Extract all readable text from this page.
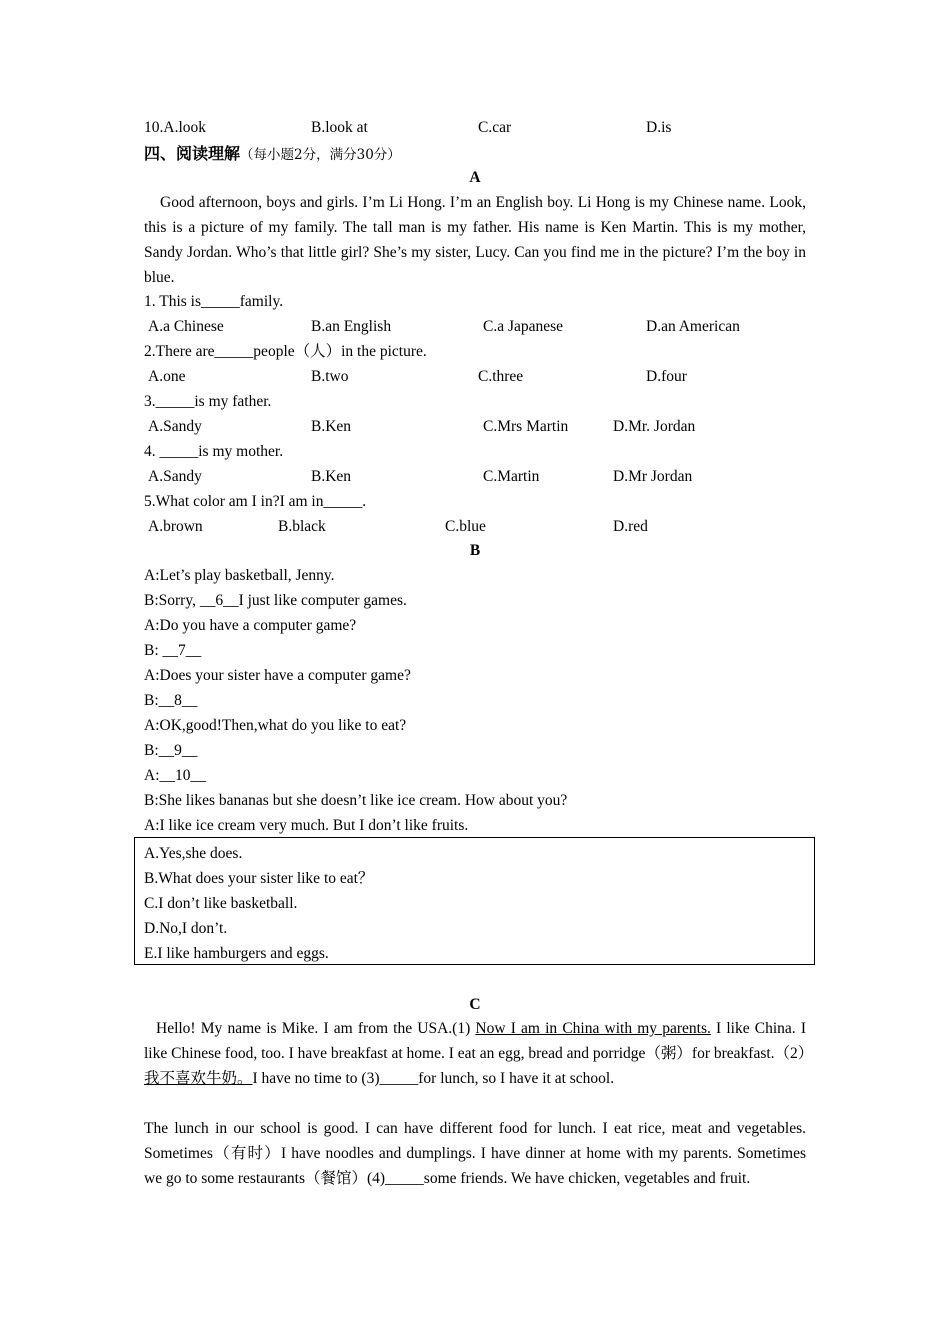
10.A.look	B.look at	C.car	D.is
四、阅读理解（每小题2分，满分30分）
A
Good afternoon, boys and girls. I’m Li Hong. I’m an English boy. Li Hong is my Chinese name. Look, this is a picture of my family. The tall man is my father. His name is Ken Martin. This is my mother, Sandy Jordan. Who’s that little girl? She’s my sister, Lucy. Can you find me in the picture? I’m the boy in blue.
1. This is_____family.
A.a Chinese	B.an English	C.a Japanese	D.an American
2.There are_____people（人）in the picture.
A.one	B.two	C.three	D.four
3._____is my father.
A.Sandy	B.Ken	C.Mrs Martin	D.Mr. Jordan
4. _____is my mother.
A.Sandy	B.Ken	C.Martin	D.Mr Jordan
5.What color am I in?I am in_____.
A.brown	B.black	C.blue	D.red
B
A:Let’s play basketball, Jenny.
B:Sorry, __6__I just like computer games.
A:Do you have a computer game?
B: __7__
A:Does your sister have a computer game?
B:__8__
A:OK,good!Then,what do you like to eat?
B:__9__
A:__10__
B:She likes bananas but she doesn’t like ice cream. How about you?
A:I like ice cream very much. But I don’t like fruits.
A.Yes,she does.
B.What does your sister like to eat？
C.I don’t like basketball.
D.No,I don’t.
E.I like hamburgers and eggs.
C
Hello! My name is Mike. I am from the USA.(1) Now I am in China with my parents. I like China. I like Chinese food, too. I have breakfast at home. I eat an egg, bread and porridge（粥）for breakfast.（2）我不喜欢牛奶。I have no time to (3)_____for lunch, so I have it at school.
The lunch in our school is good. I can have different food for lunch. I eat rice, meat and vegetables. Sometimes（有时）I have noodles and dumplings. I have dinner at home with my parents. Sometimes we go to some restaurants（餐馆）(4)_____some friends. We have chicken, vegetables and fruit.
